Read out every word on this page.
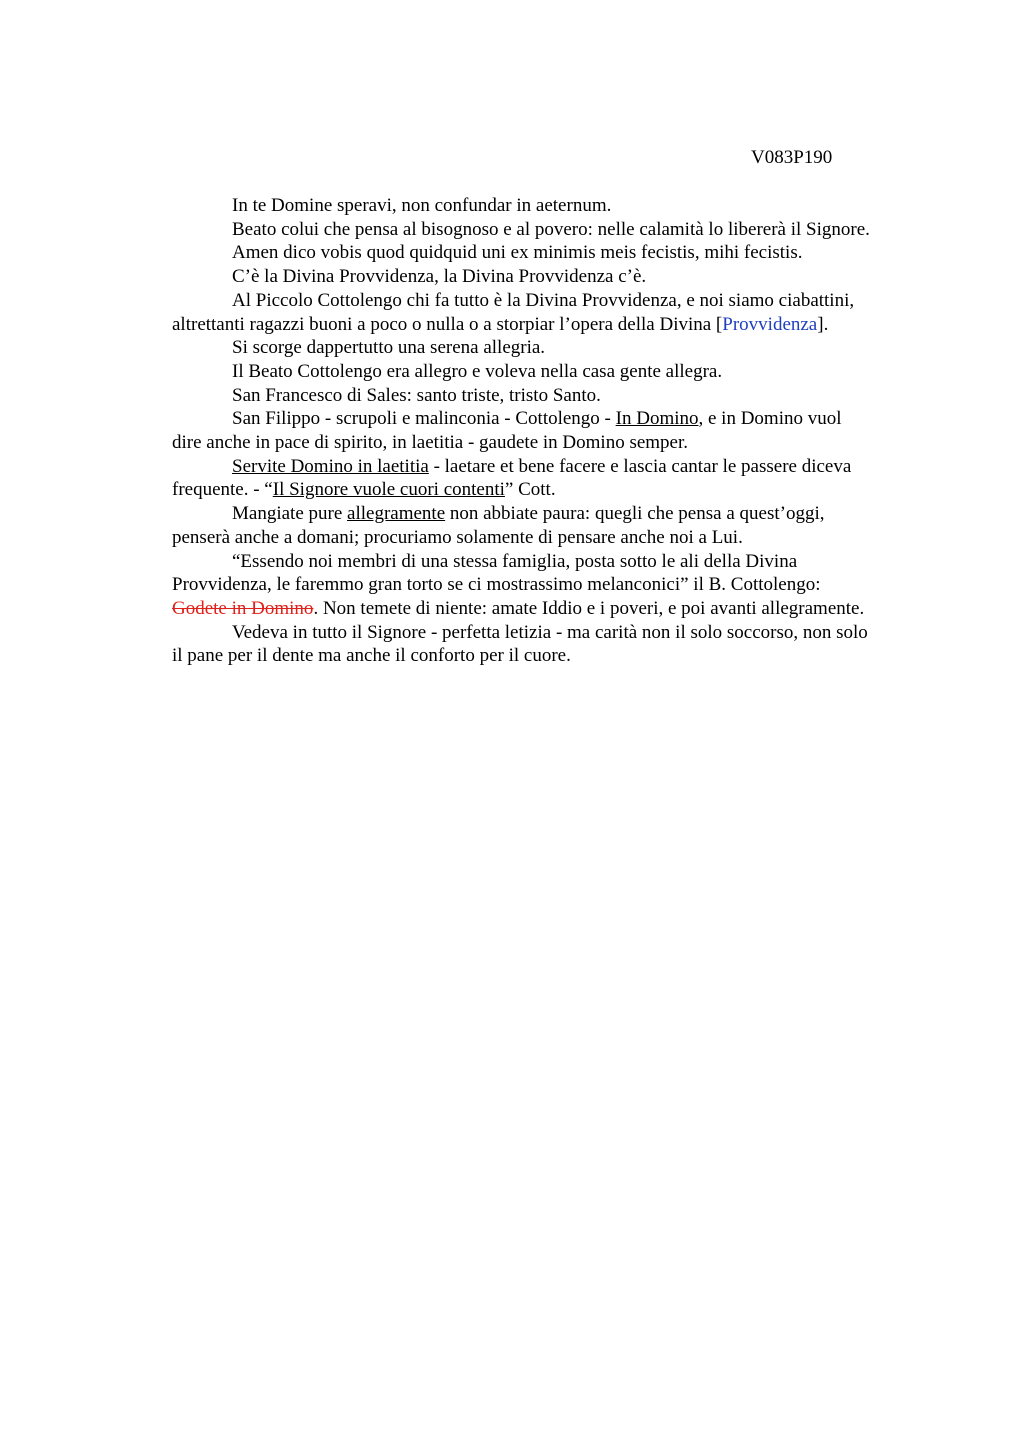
V083P190

In te Domine speravi, non confundar in aeternum.

Beato colui che pensa al bisognoso e al povero: nelle calamità lo libererà il Signore.

Amen dico vobis quod quidquid uni ex minimis meis fecistis, mihi fecistis.

C’è la Divina Provvidenza, la Divina Provvidenza c’è.

Al Piccolo Cottolengo chi fa tutto è la Divina Provvidenza, e noi siamo ciabattini,
altrettanti ragazzi buoni a poco o nulla o a storpiar l’opera della Divina [Provvidenza].

Si scorge dappertutto una serena allegria.

Il Beato Cottolengo era allegro e voleva nella casa gente allegra.

San Francesco di Sales: santo triste, tristo Santo.

San Filippo - scrupoli e malinconia - Cottolengo - In Domino, e in Domino vuol
dire anche in pace di spirito, in laetitia - gaudete in Domino semper.

Servite Domino in laetitia - laetare et bene facere e lascia cantar le passere diceva
frequente. - “Il Signore vuole cuori contenti” Cott.

Mangiate pure allegramente non abbiate paura: quegli che pensa a quest’oggi,
penserà anche a domani; procuriamo solamente di pensare anche noi a Lui.

“Essendo noi membri di una stessa famiglia, posta sotto le ali della Divina
Provvidenza, le faremmo gran torto se ci mostrassimo melanconici” il B. Cottolengo:
Godete in Domino. Non temete di niente: amate Iddio e i poveri, e poi avanti allegramente.

Vedeva in tutto il Signore - perfetta letizia - ma carità non il solo soccorso, non solo
il pane per il dente ma anche il conforto per il cuore.
